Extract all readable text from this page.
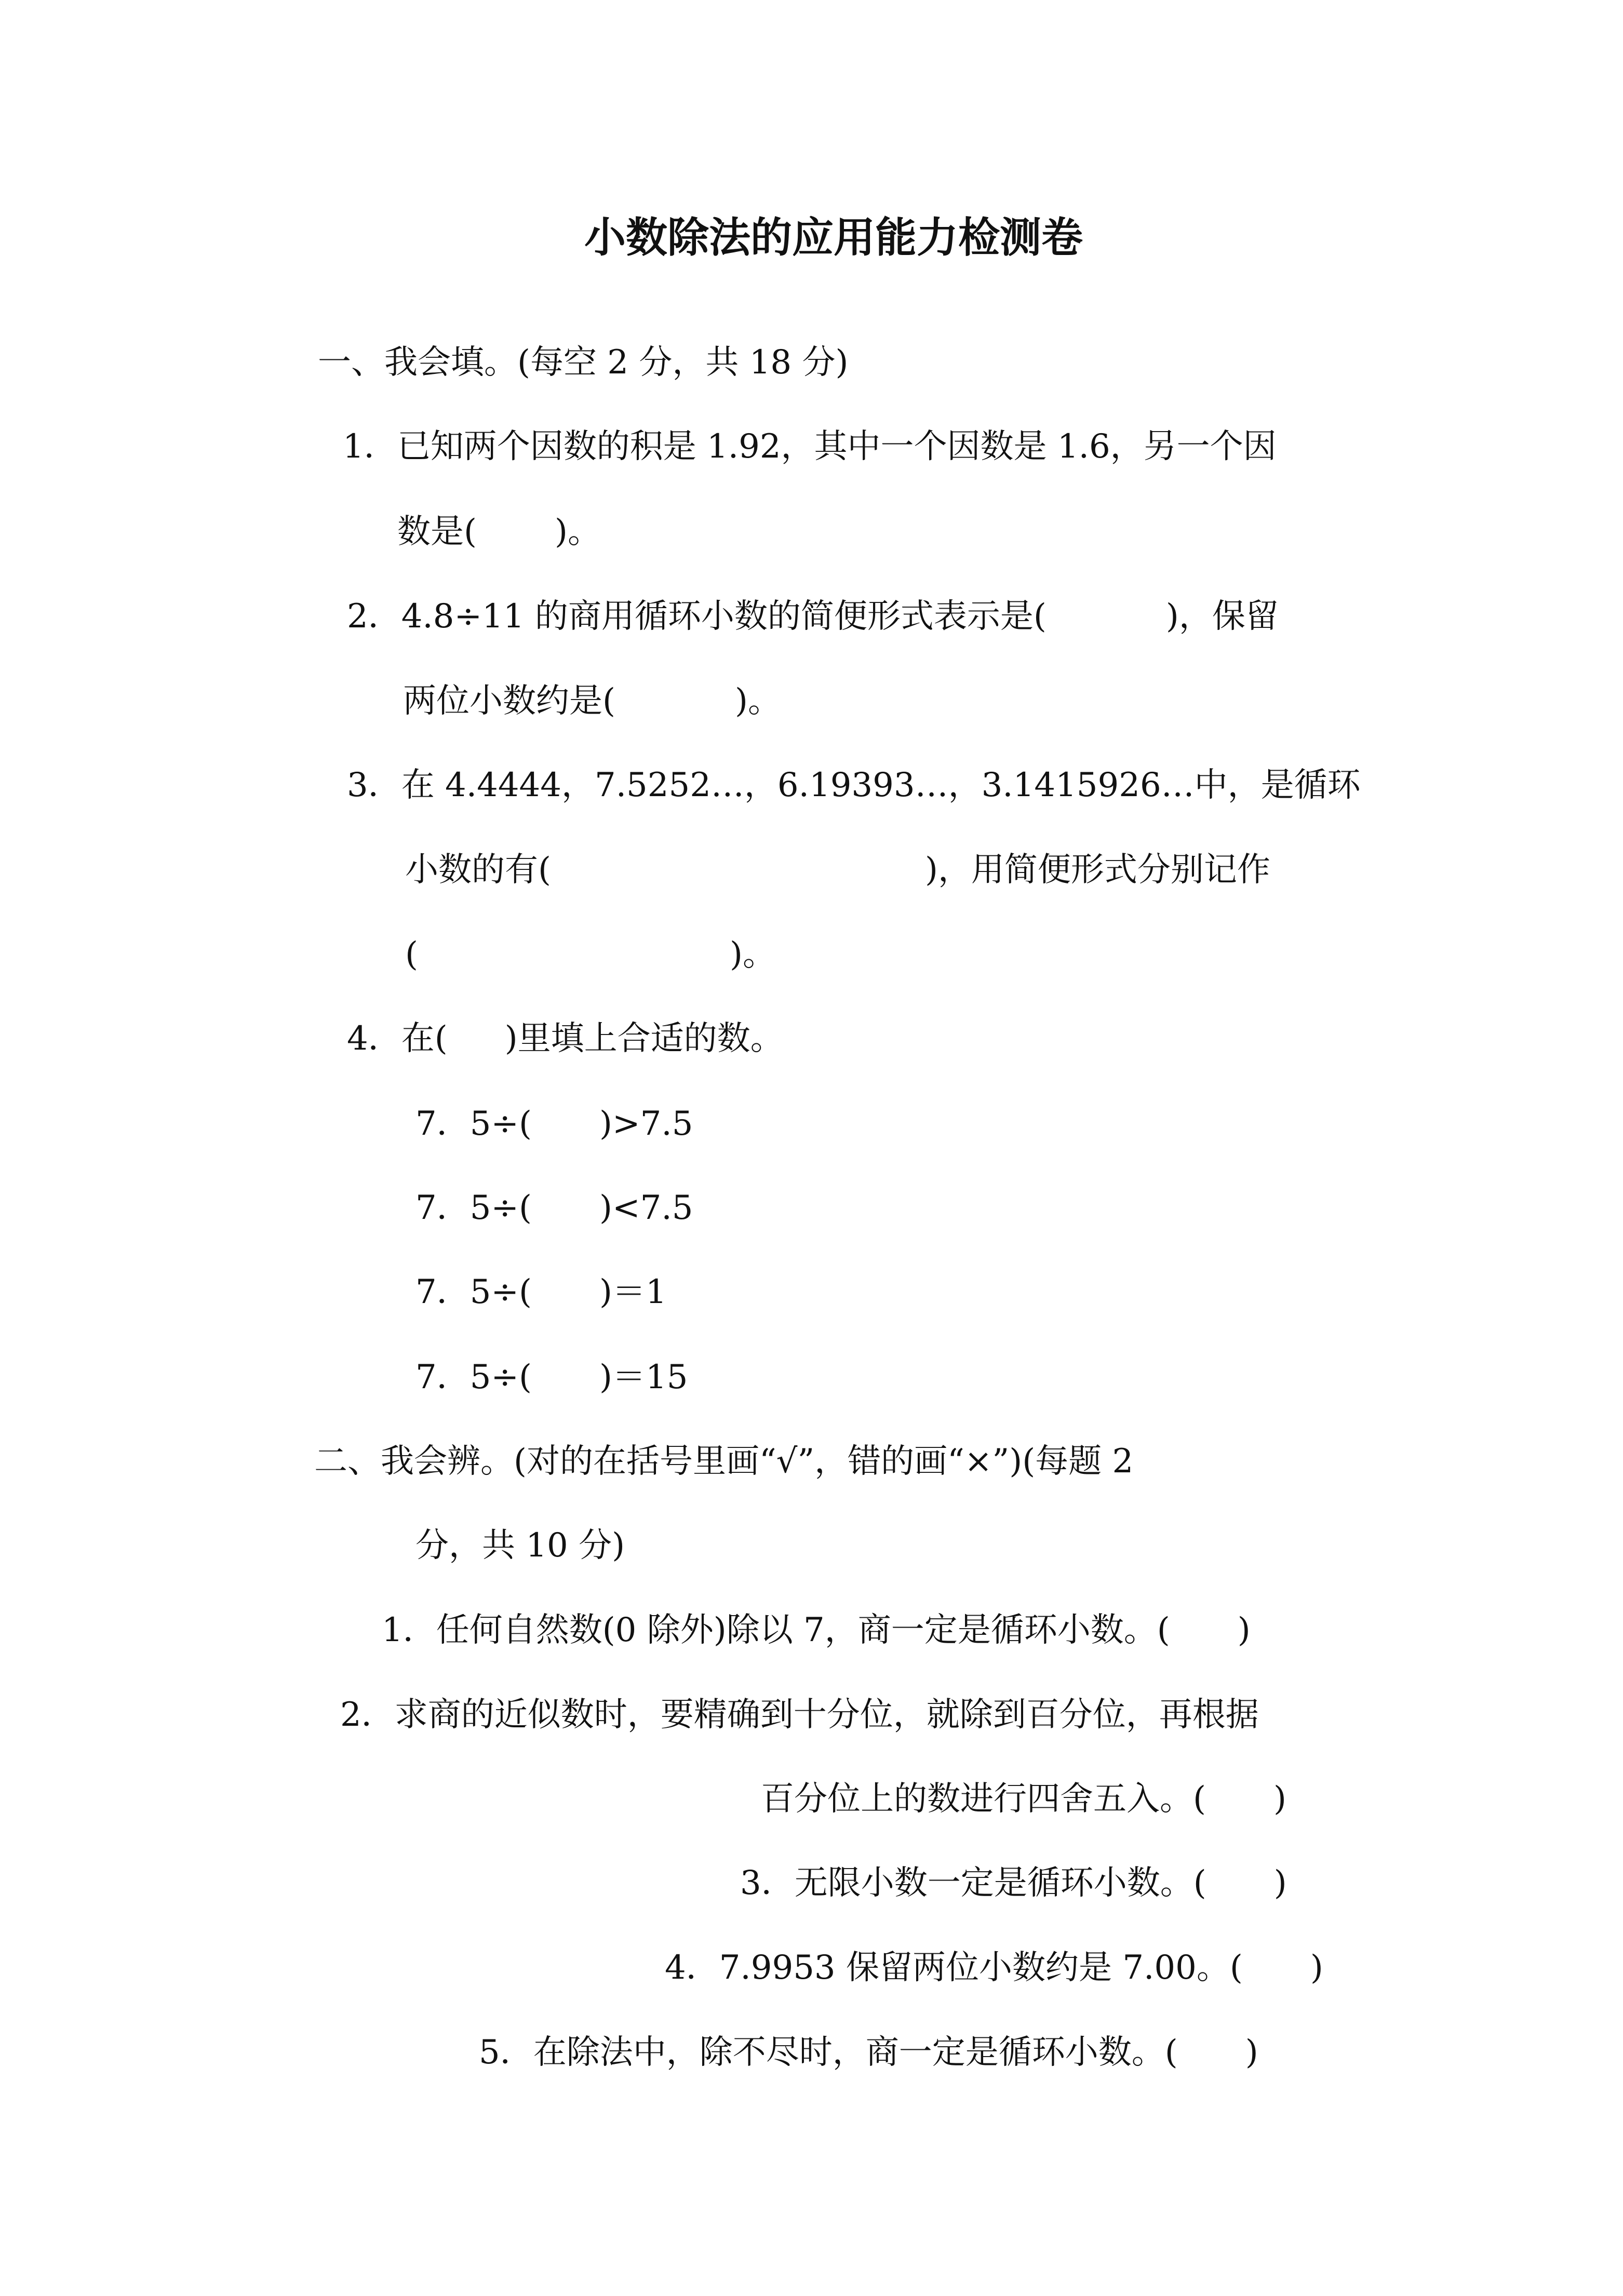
小数除法的应用能力检测卷
一、我会填。(每空 2 分，共 18 分)
1．已知两个因数的积是 1.92，其中一个因数是 1.6，另一个因
数是( )。
2．4.8÷11 的商用循环小数的简便形式表示是(	)，保留
两位小数约是(	)。
3．在 4.4444，7.5252…，6.19393…，3.1415926…中，是循环
小数的有(	)，用简便形式分别记作
(	)。
4．在( )里填上合适的数。
7．5÷( )>7.5
7．5÷( )<7.5
7．5÷( )＝1
7．5÷( )＝15
二、我会辨。(对的在括号里画“√”，错的画“×”)(每题 2
分，共 10 分)
1．任何自然数(0 除外)除以 7，商一定是循环小数。( )
2．求商的近似数时，要精确到十分位，就除到百分位，再根据
百分位上的数进行四舍五入。( )
3．无限小数一定是循环小数。( )
4．7.9953 保留两位小数约是 7.00。( )
5．在除法中，除不尽时，商一定是循环小数。( )
